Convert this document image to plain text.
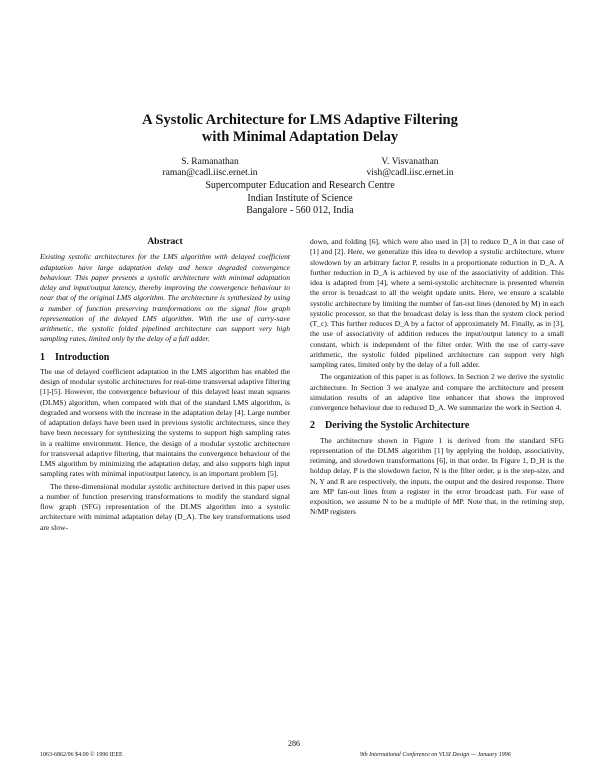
A Systolic Architecture for LMS Adaptive Filtering
with Minimal Adaptation Delay
S. Ramanathan
raman@cadl.iisc.ernet.in
V. Visvanathan
vish@cadl.iisc.ernet.in
Supercomputer Education and Research Centre
Indian Institute of Science
Bangalore - 560 012, India
Abstract

Existing systolic architectures for the LMS algorithm with delayed coefficient adaptation have large adaptation delay and hence degraded convergence behaviour. This paper presents a systolic architecture with minimal adaptation delay and input/output latency, thereby improving the convergence behaviour to near that of the original LMS algorithm. The architecture is synthesized by using a number of function preserving transformations on the signal flow graph representation of the delayed LMS algorithm. With the use of carry-save arithmetic, the systolic folded pipelined architecture can support very high sampling rates, limited only by the delay of a full adder.

1 Introduction

The use of delayed coefficient adaptation in the LMS algorithm has enabled the design of modular systolic architectures for real-time transversal adaptive filtering [1]-[5]. However, the convergence behaviour of this delayed least mean squares (DLMS) algorithm, when compared with that of the standard LMS algorithm, is degraded and worsens with the increase in the adaptation delay [4]. Large number of adaptation delays have been used in previous systolic architectures, since they have been necessary for synthesizing the systems to support high sampling rates in a realtime environment. Hence, the design of a modular systolic architecture for transversal adaptive filtering, that maintains the convergence behaviour of the LMS algorithm by minimizing the adaptation delay, and also supports high input sampling rates with minimal input/output latency, is an important problem [5].

The three-dimensional modular systolic architecture derived in this paper uses a number of function preserving transformations to modify the standard signal flow graph (SFG) representation of the DLMS algorithm into a systolic architecture with minimal adaptation delay (D_A). The key transformations used are slow-

down, and folding [6], which were also used in [3] to reduce D_A in that case of [1] and [2]. Here, we generalize this idea to develop a systolic architecture, where slowdown by an arbitrary factor P, results in a proportionate reduction in D_A. A further reduction in D_A is achieved by use of the associativity of addition. This idea is adapted from [4], where a semi-systolic architecture is presented wherein the error is broadcast to all the weight update units. Here, we ensure a scalable systolic architecture by limiting the number of fan-out lines (denoted by M) in each systolic processor, so that the broadcast delay is less than the system clock period (T_c). This further reduces D_A by a factor of approximately M. Finally, as in [3], the use of associativity of addition reduces the input/output latency to a small constant, which is independent of the filter order. With the use of carry-save arithmetic, the systolic folded pipelined architecture can support very high sampling rates, limited only by the delay of a full adder.

The organization of this paper is as follows. In Section 2 we derive the systolic architecture. In Section 3 we analyze and compare the architecture and present simulation results of an adaptive line enhancer that shows the improved convergence behaviour due to reduced D_A. We summarize the work in Section 4.

2 Deriving the Systolic Architecture

The architecture shown in Figure 1 is derived from the standard SFG representation of the DLMS algorithm [1] by applying the holdup, associativity, retiming, and slowdown transformations [6], in that order. In Figure 1, D_H is the holdup delay, P is the slowdown factor, N is the filter order, μ is the step-size, and N, Y and R are respectively, the inputs, the output and the desired response. There are MP fan-out lines from a register in the error broadcast path. For ease of exposition, we assume N to be a multiple of MP. Note that, in the retiming step, N/MP registers

286
1063-6862/96 $4.00 © 1996 IEEE	9th International Conference on VLSI Design — January 1996
